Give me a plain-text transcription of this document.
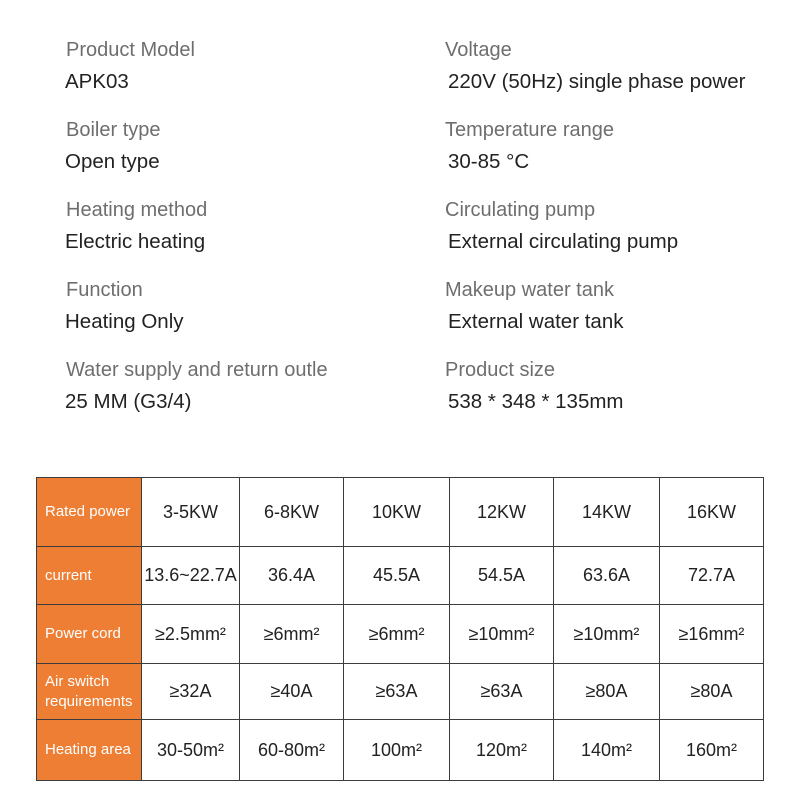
Product Model
APK03
Boiler type
Open type
Heating method
Electric heating
Function
Heating Only
Water supply and return outle
25 MM (G3/4)
Voltage
220V (50Hz) single phase power
Temperature range
30-85 °C
Circulating pump
External circulating pump
Makeup water tank
External water tank
Product size
538 * 348 * 135mm
Rated power	3-5KW	6-8KW	10KW	12KW	14KW	16KW
current	13.6~22.7A	36.4A	45.5A	54.5A	63.6A	72.7A
Power cord	≥2.5mm²	≥6mm²	≥6mm²	≥10mm²	≥10mm²	≥16mm²
Air switch requirements	≥32A	≥40A	≥63A	≥63A	≥80A	≥80A
Heating area	30-50m²	60-80m²	100m²	120m²	140m²	160m²
